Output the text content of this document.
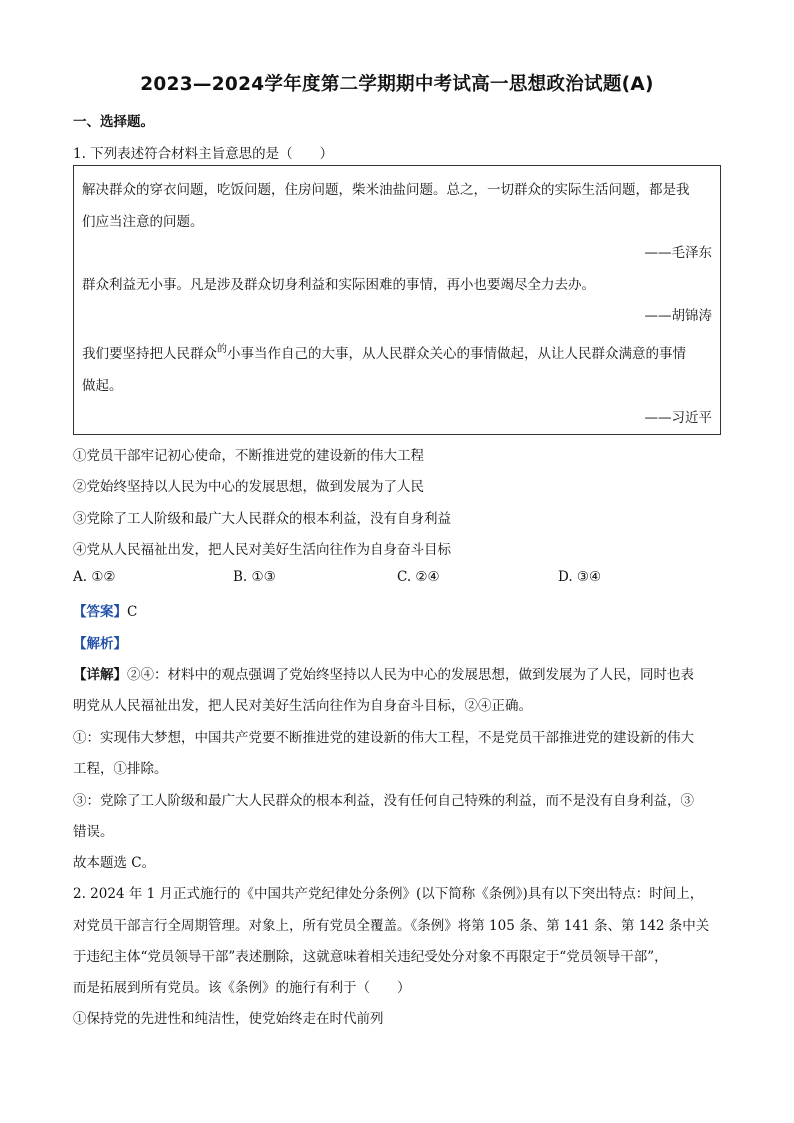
2023—2024学年度第二学期期中考试高一思想政治试题(A)
一、选择题。
1. 下列表述符合材料主旨意思的是（　　）
解决群众的穿衣问题，吃饭问题，住房问题，柴米油盐问题。总之，一切群众的实际生活问题，都是我
们应当注意的问题。
——毛泽东
群众利益无小事。凡是涉及群众切身利益和实际困难的事情，再小也要竭尽全力去办。
——胡锦涛
我们要坚持把人民群众$^的$小事当作自己的大事，从人民群众关心的事情做起，从让人民群众满意的事情
做起。
——习近平
①党员干部牢记初心使命，不断推进党的建设新的伟大工程
②党始终坚持以人民为中心的发展思想，做到发展为了人民
③党除了工人阶级和最广大人民群众的根本利益，没有自身利益
④党从人民福祉出发，把人民对美好生活向往作为自身奋斗目标
A. ①②	B. ①③	C. ②④	D. ③④
【答案】C
【解析】
【详解】②④：材料中的观点强调了党始终坚持以人民为中心的发展思想，做到发展为了人民，同时也表
明党从人民福祉出发，把人民对美好生活向往作为自身奋斗目标，②④正确。
①：实现伟大梦想，中国共产党要不断推进党的建设新的伟大工程，不是党员干部推进党的建设新的伟大
工程，①排除。
③：党除了工人阶级和最广大人民群众的根本利益，没有任何自己特殊的利益，而不是没有自身利益，③
错误。
故本题选 C。
2. 2024 年 1 月正式施行的《中国共产党纪律处分条例》(以下简称《条例》)具有以下突出特点：时间上，
对党员干部言行全周期管理。对象上，所有党员全覆盖。《条例》将第 105 条、第 141 条、第 142 条中关
于违纪主体“党员领导干部”表述删除，这就意味着相关违纪受处分对象不再限定于“党员领导干部”，
而是拓展到所有党员。该《条例》的施行有利于（　　）
①保持党的先进性和纯洁性，使党始终走在时代前列
